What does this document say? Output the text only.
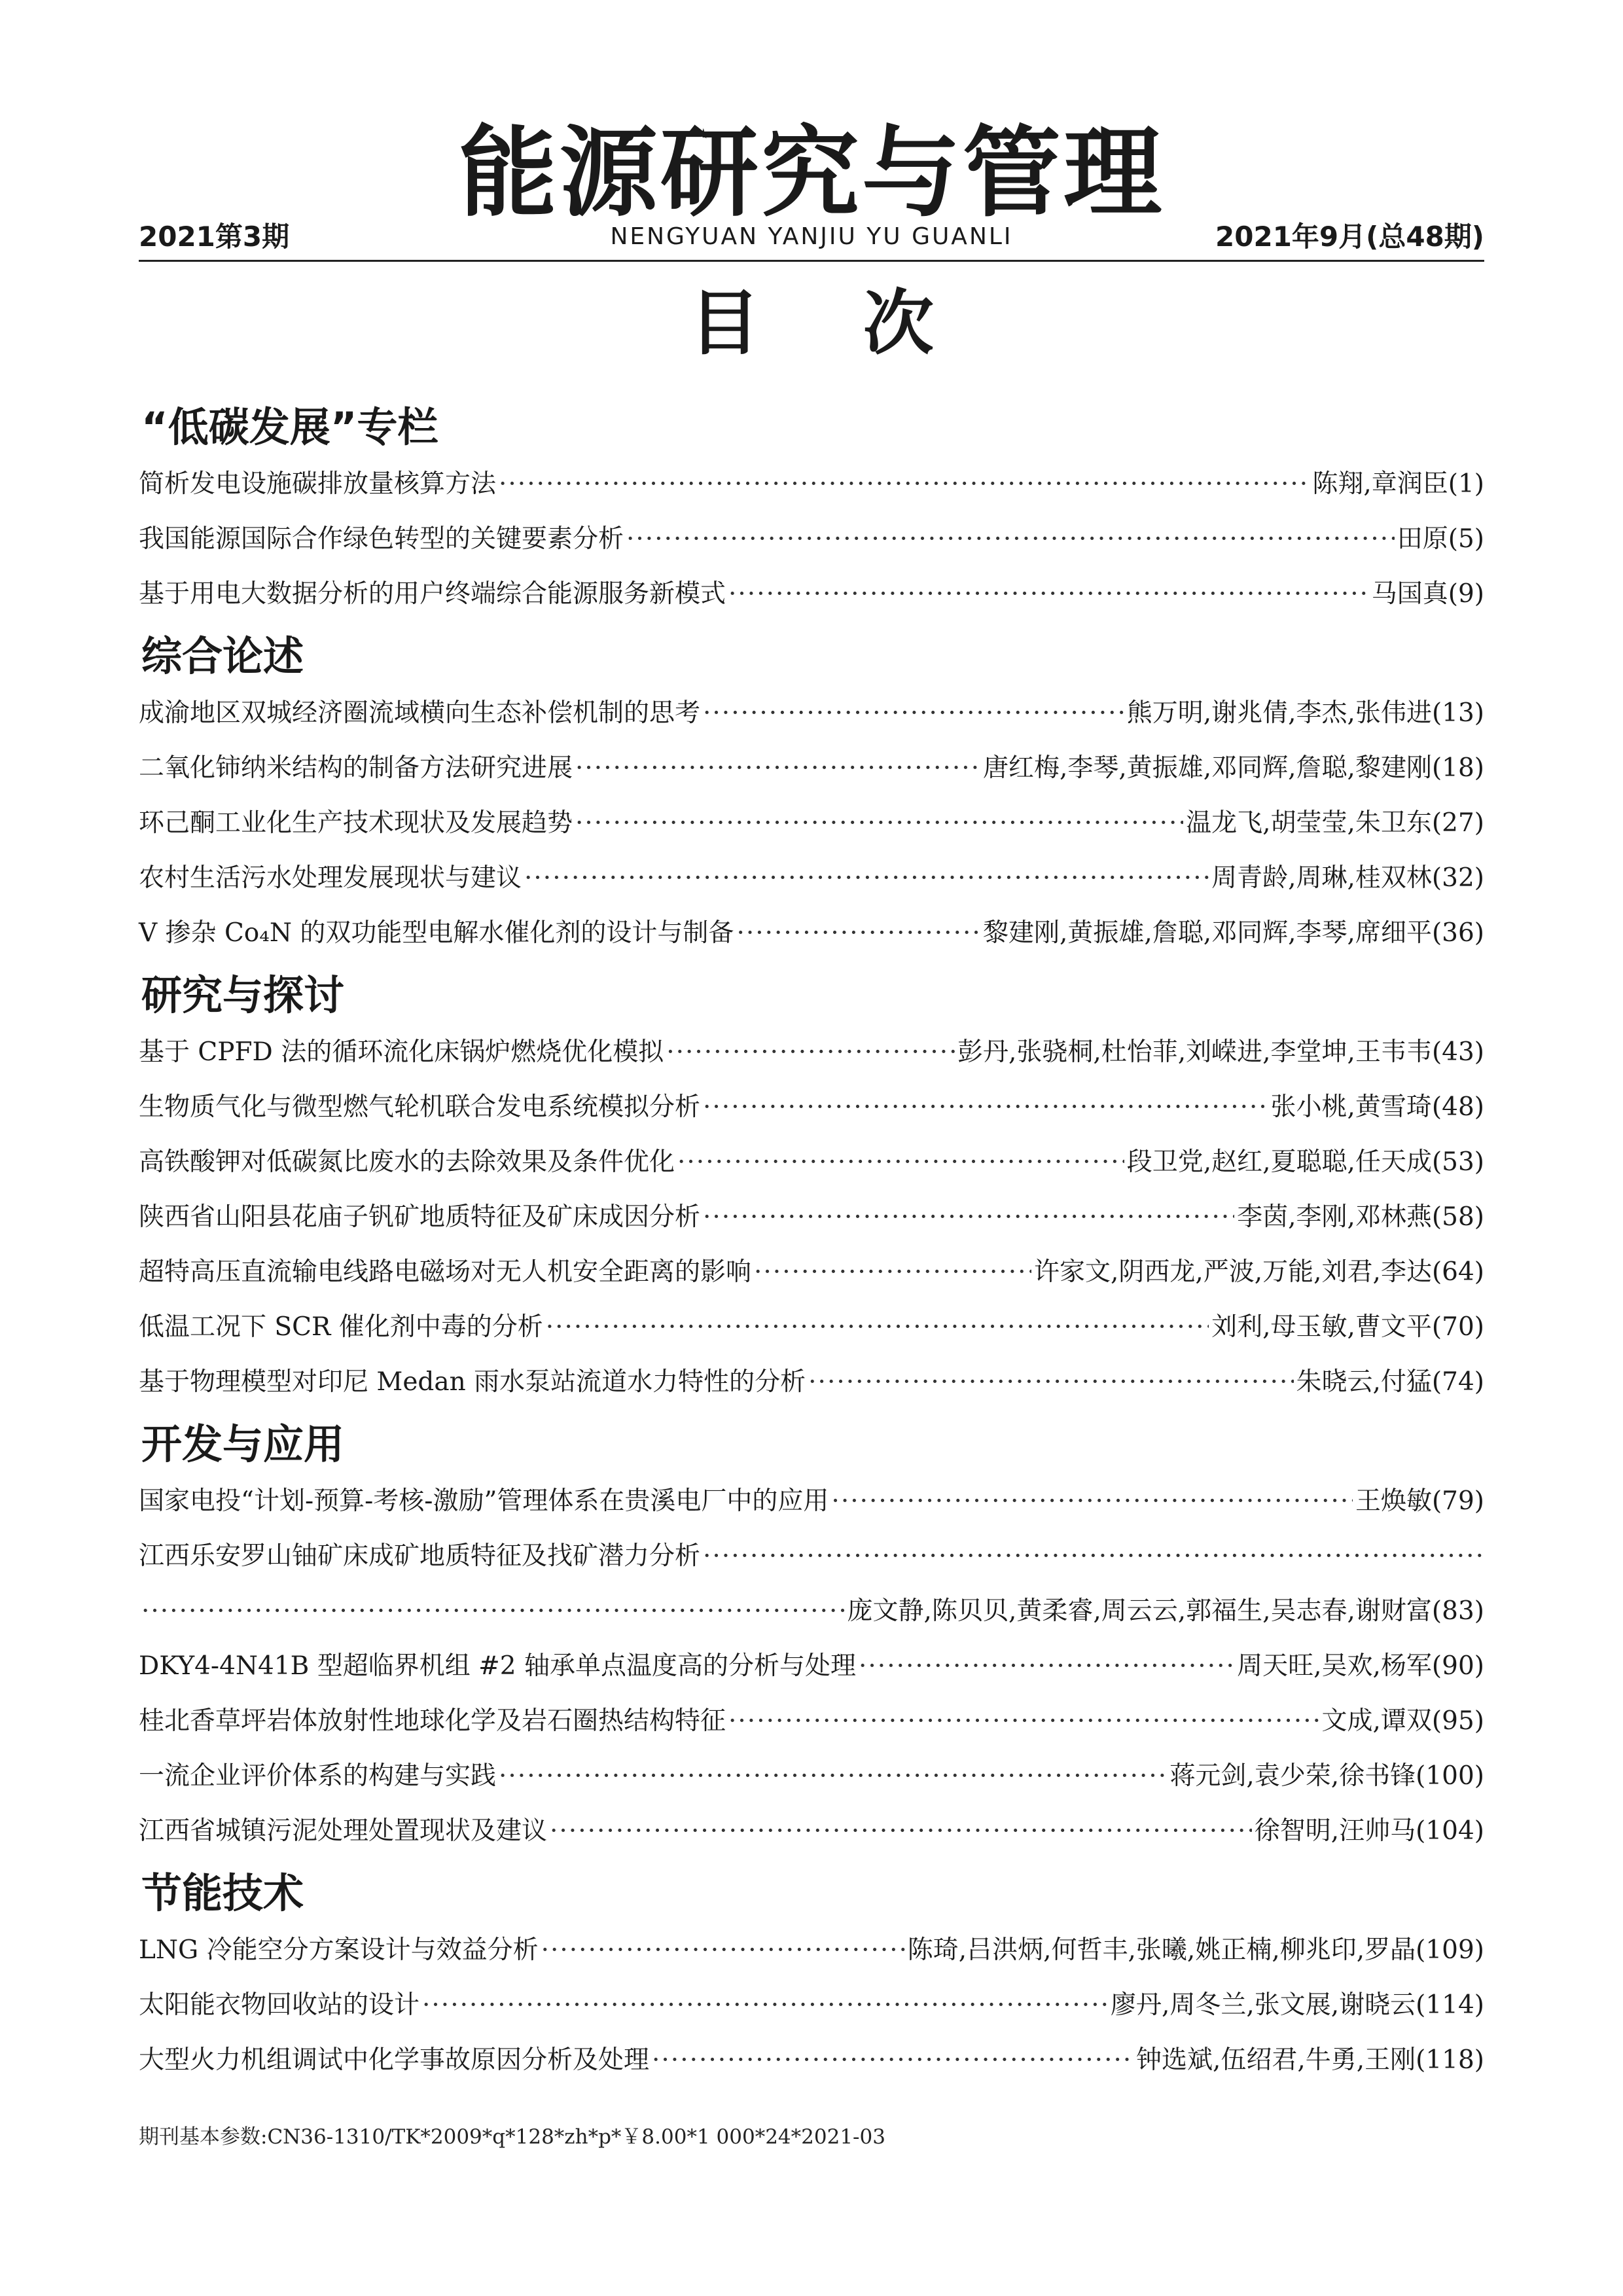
能源研究与管理
2021第3期	NENGYUAN YANJIU YU GUANLI	2021年9月(总48期)
目 次
“低碳发展”专栏
简析发电设施碳排放量核算方法 ·····	陈翔,章润臣(1)
我国能源国际合作绿色转型的关键要素分析 ·····	田原(5)
基于用电大数据分析的用户终端综合能源服务新模式 ·····	马国真(9)
综合论述
成渝地区双城经济圈流域横向生态补偿机制的思考 ·····	熊万明,谢兆倩,李杰,张伟进(13)
二氧化铈纳米结构的制备方法研究进展 ·····	唐红梅,李琴,黄振雄,邓同辉,詹聪,黎建刚(18)
环己酮工业化生产技术现状及发展趋势 ·····	温龙飞,胡莹莹,朱卫东(27)
农村生活污水处理发展现状与建议 ·····	周青龄,周琳,桂双林(32)
V 掺杂 Co₄N 的双功能型电解水催化剂的设计与制备 ·····	黎建刚,黄振雄,詹聪,邓同辉,李琴,席细平(36)
研究与探讨
基于 CPFD 法的循环流化床锅炉燃烧优化模拟 ·····	彭丹,张骁桐,杜怡菲,刘嵘进,李堂坤,王韦韦(43)
生物质气化与微型燃气轮机联合发电系统模拟分析 ·····	张小桃,黄雪琦(48)
高铁酸钾对低碳氮比废水的去除效果及条件优化 ·····	段卫党,赵红,夏聪聪,任天成(53)
陕西省山阳县花庙子钒矿地质特征及矿床成因分析 ·····	李茵,李刚,邓林燕(58)
超特高压直流输电线路电磁场对无人机安全距离的影响 ·····	许家文,阴西龙,严波,万能,刘君,李达(64)
低温工况下 SCR 催化剂中毒的分析 ·····	刘利,母玉敏,曹文平(70)
基于物理模型对印尼 Medan 雨水泵站流道水力特性的分析 ·····	朱晓云,付猛(74)
开发与应用
国家电投“计划-预算-考核-激励”管理体系在贵溪电厂中的应用 ·····	王焕敏(79)
江西乐安罗山铀矿床成矿地质特征及找矿潜力分析
·····
·····
庞文静,陈贝贝,黄柔睿,周云云,郭福生,吴志春,谢财富(83)
DKY4-4N41B 型超临界机组 #2 轴承单点温度高的分析与处理 ·····	周天旺,吴欢,杨军(90)
桂北香草坪岩体放射性地球化学及岩石圈热结构特征 ·····	文成,谭双(95)
一流企业评价体系的构建与实践 ·····	蒋元剑,袁少荣,徐书锋(100)
江西省城镇污泥处理处置现状及建议 ·····	徐智明,汪帅马(104)
节能技术
LNG 冷能空分方案设计与效益分析 ·····	陈琦,吕洪炳,何哲丰,张曦,姚正楠,柳兆印,罗晶(109)
太阳能衣物回收站的设计 ·····	廖丹,周冬兰,张文展,谢晓云(114)
大型火力机组调试中化学事故原因分析及处理 ·····	钟选斌,伍绍君,牛勇,王刚(118)
期刊基本参数:CN36-1310/TK*2009*q*128*zh*p*￥8.00*1 000*24*2021-03
